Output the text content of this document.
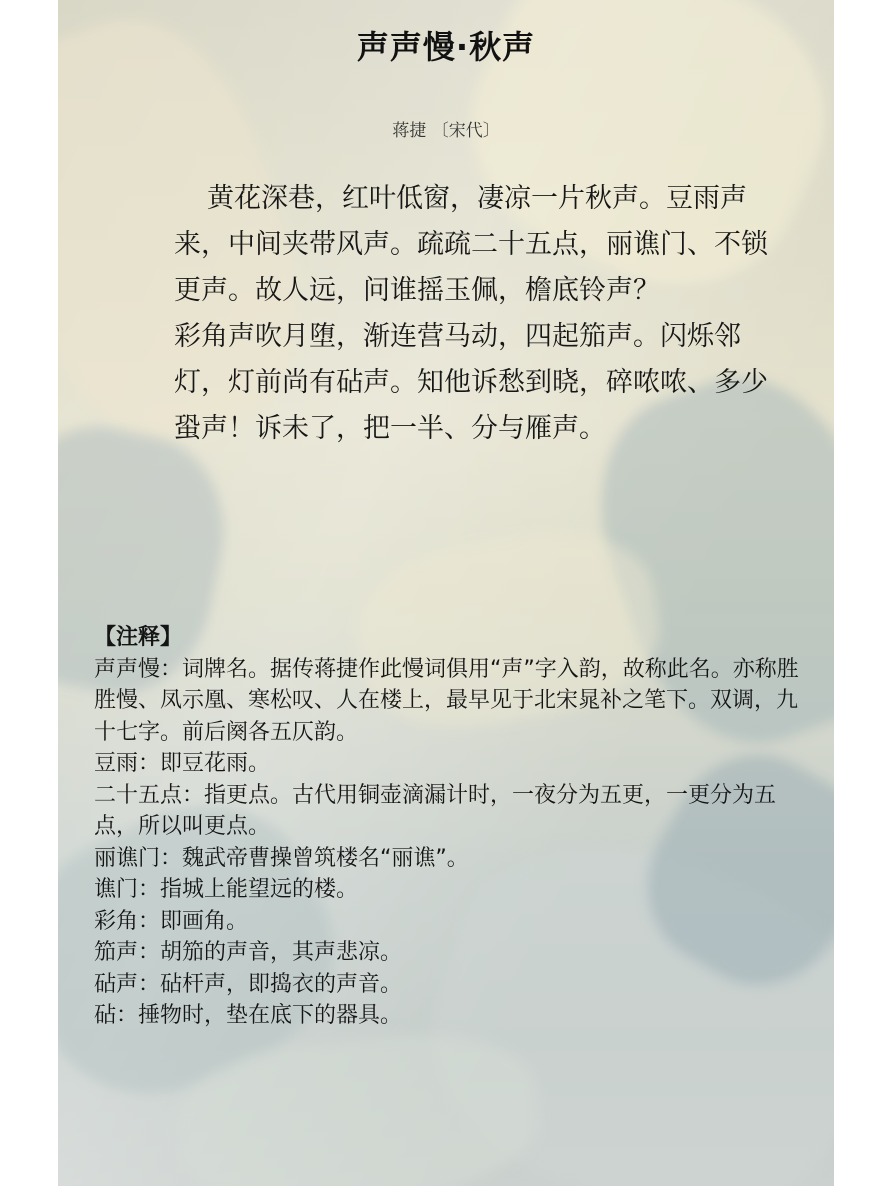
声声慢·秋声

蒋捷 〔宋代〕

黄花深巷，红叶低窗，凄凉一片秋声。豆雨声来，中间夹带风声。疏疏二十五点，丽谯门、不锁更声。故人远，问谁摇玉佩，檐底铃声？

彩角声吹月堕，渐连营马动，四起笳声。闪烁邻灯，灯前尚有砧声。知他诉愁到晓，碎哝哝、多少蛩声！诉未了，把一半、分与雁声。

【注释】

声声慢：词牌名。据传蒋捷作此慢词俱用“声”字入韵，故称此名。亦称胜胜慢、凤示凰、寒松叹、人在楼上，最早见于北宋晁补之笔下。双调，九十七字。前后阕各五仄韵。

豆雨：即豆花雨。

二十五点：指更点。古代用铜壶滴漏计时，一夜分为五更，一更分为五点，所以叫更点。

丽谯门：魏武帝曹操曾筑楼名“丽谯”。

谯门：指城上能望远的楼。

彩角：即画角。

笳声：胡笳的声音，其声悲凉。

砧声：砧杆声，即捣衣的声音。

砧：捶物时，垫在底下的器具。
